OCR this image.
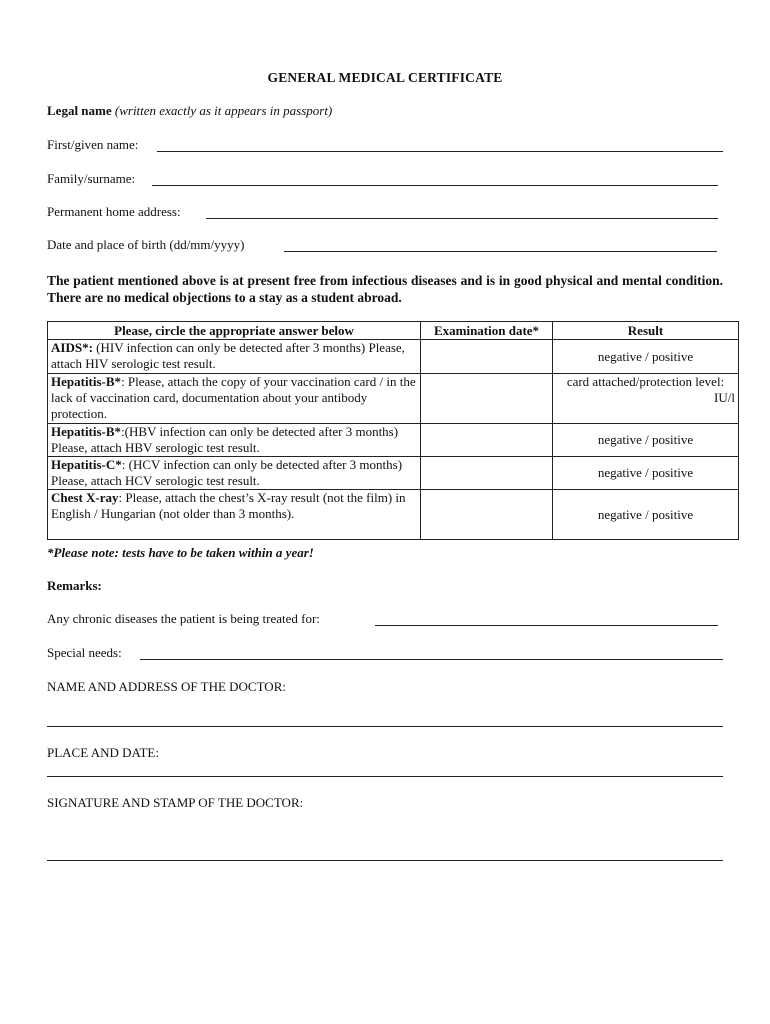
GENERAL MEDICAL CERTIFICATE
Legal name (written exactly as it appears in passport)
First/given name:
Family/surname:
Permanent home address:
Date and place of birth (dd/mm/yyyy)
The patient mentioned above is at present free from infectious diseases and is in good physical and mental condition. There are no medical objections to a stay as a student abroad.
Please, circle the appropriate answer below	Examination date*	Result
AIDS*: (HIV infection can only be detected after 3 months) Please, attach HIV serologic test result.		negative / positive
Hepatitis-B*: Please, attach the copy of your vaccination card / in the lack of vaccination card, documentation about your antibody protection.		card attached/protection level:
IU/l

Hepatitis-B*:(HBV infection can only be detected after 3 months) Please, attach HBV serologic test result.		negative / positive
Hepatitis-C*: (HCV infection can only be detected after 3 months) Please, attach HCV serologic test result.		negative / positive
Chest X-ray: Please, attach the chest’s X-ray result (not the film) in English / Hungarian (not older than 3 months).		negative / positive
*Please note: tests have to be taken within a year!
Remarks:
Any chronic diseases the patient is being treated for:
Special needs:
NAME AND ADDRESS OF THE DOCTOR:
PLACE AND DATE:
SIGNATURE AND STAMP OF THE DOCTOR:
